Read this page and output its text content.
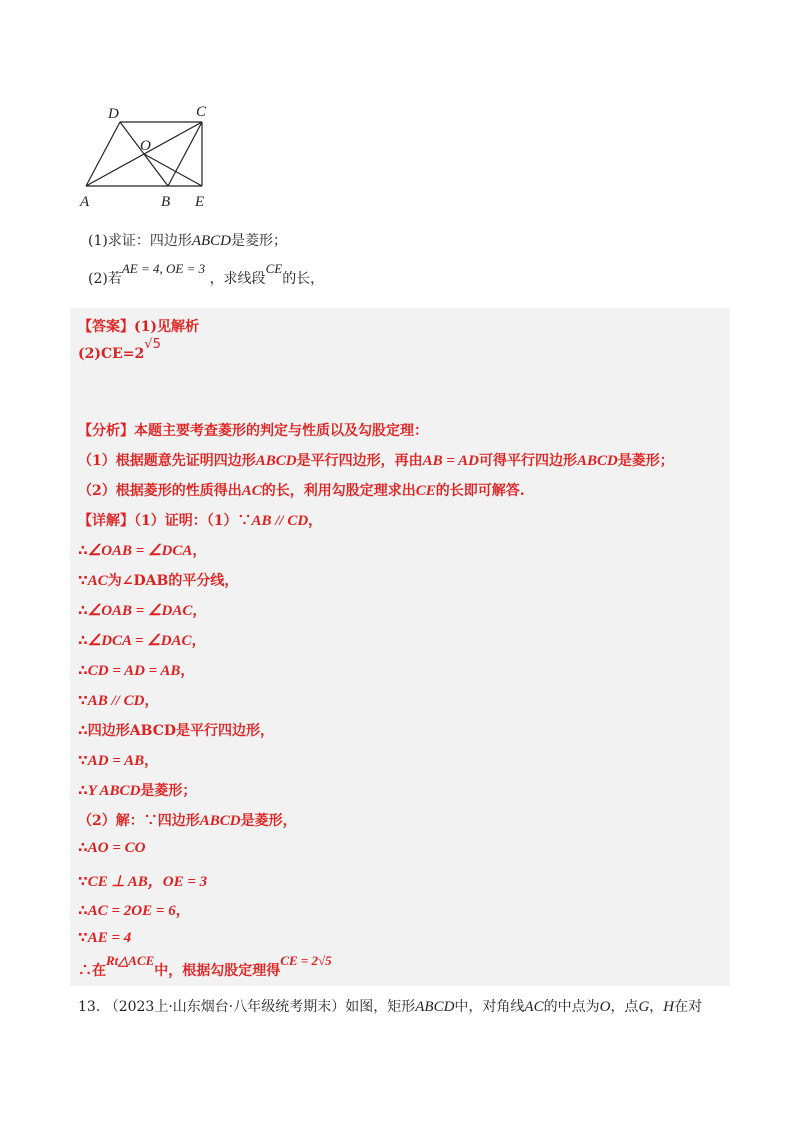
D	C
O
A	B E
(1)求证：四边形ABCD是菱形；
(2)若AE = 4, OE = 3 ，求线段CE的长，
【答案】(1)见解析
(2)CE=2√5
【分析】本题主要考查菱形的判定与性质以及勾股定理：
（1）根据题意先证明四边形ABCD是平行四边形，再由AB = AD可得平行四边形ABCD是菱形；
（2）根据菱形的性质得出AC的长，利用勾股定理求出CE的长即可解答.
【详解】（1）证明：（1）∵AB // CD，
∴∠OAB = ∠DCA，
∵AC为∠DAB的平分线，
∴∠OAB = ∠DAC，
∴∠DCA = ∠DAC，
∴CD = AD = AB，
∵AB // CD，
∴四边形ABCD是平行四边形，
∵AD = AB，
∴Y ABCD是菱形；
（2）解：∵四边形ABCD是菱形，
∴AO = CO
∵CE ⊥ AB，OE = 3
∴AC = 2OE = 6，
∵AE = 4
∴在Rt△ACE中，根据勾股定理得CE = 2√5
13. （2023上·山东烟台·八年级统考期末）如图，矩形ABCD中，对角线AC的中点为O，点G，H在对
